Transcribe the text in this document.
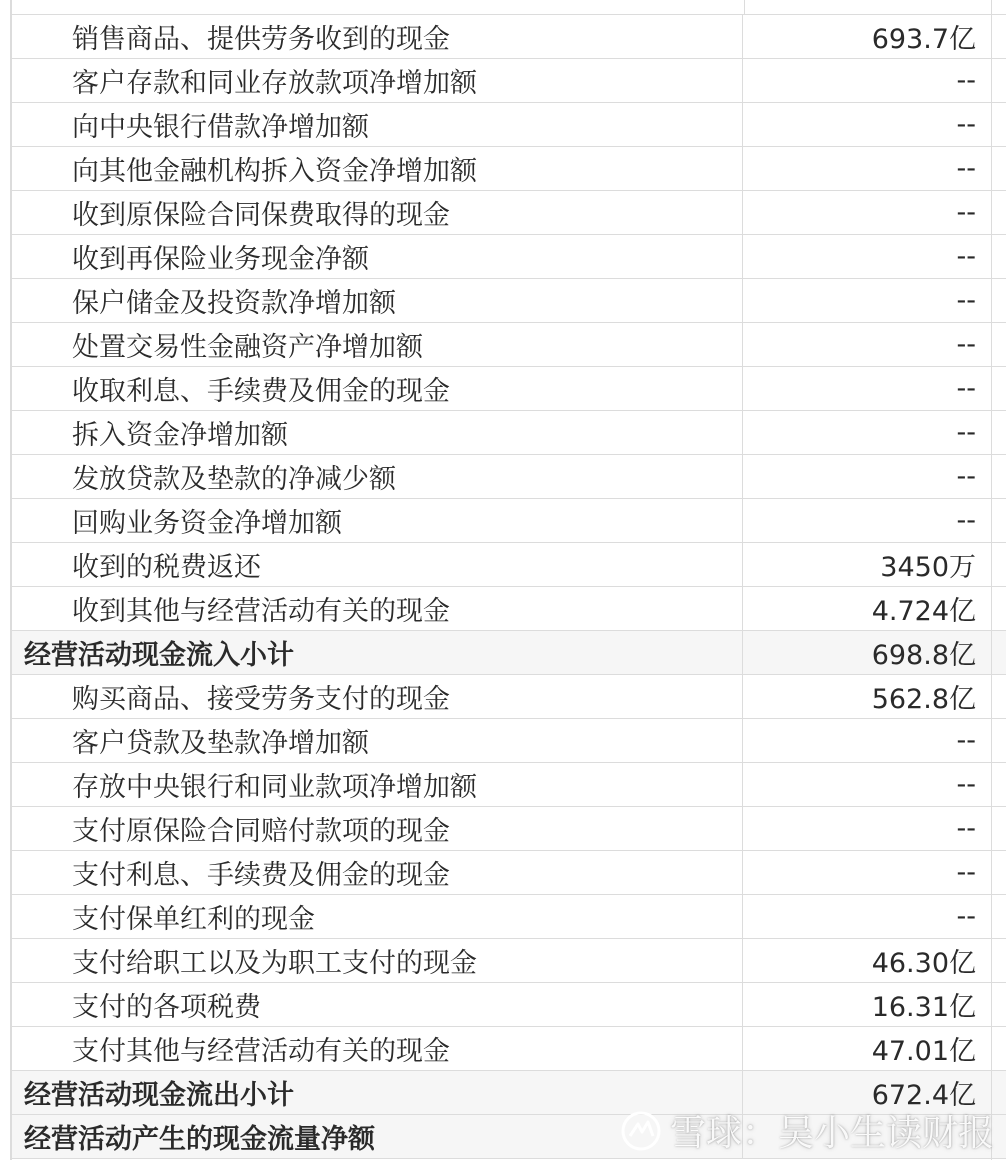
销售商品、提供劳务收到的现金	693.7亿
客户存款和同业存放款项净增加额	--
向中央银行借款净增加额	--
向其他金融机构拆入资金净增加额	--
收到原保险合同保费取得的现金	--
收到再保险业务现金净额	--
保户储金及投资款净增加额	--
处置交易性金融资产净增加额	--
收取利息、手续费及佣金的现金	--
拆入资金净增加额	--
发放贷款及垫款的净减少额	--
回购业务资金净增加额	--
收到的税费返还	3450万
收到其他与经营活动有关的现金	4.724亿
经营活动现金流入小计	698.8亿
购买商品、接受劳务支付的现金	562.8亿
客户贷款及垫款净增加额	--
存放中央银行和同业款项净增加额	--
支付原保险合同赔付款项的现金	--
支付利息、手续费及佣金的现金	--
支付保单红利的现金	--
支付给职工以及为职工支付的现金	46.30亿
支付的各项税费	16.31亿
支付其他与经营活动有关的现金	47.01亿
经营活动现金流出小计	672.4亿
经营活动产生的现金流量净额	雪球：吴小生读财报
